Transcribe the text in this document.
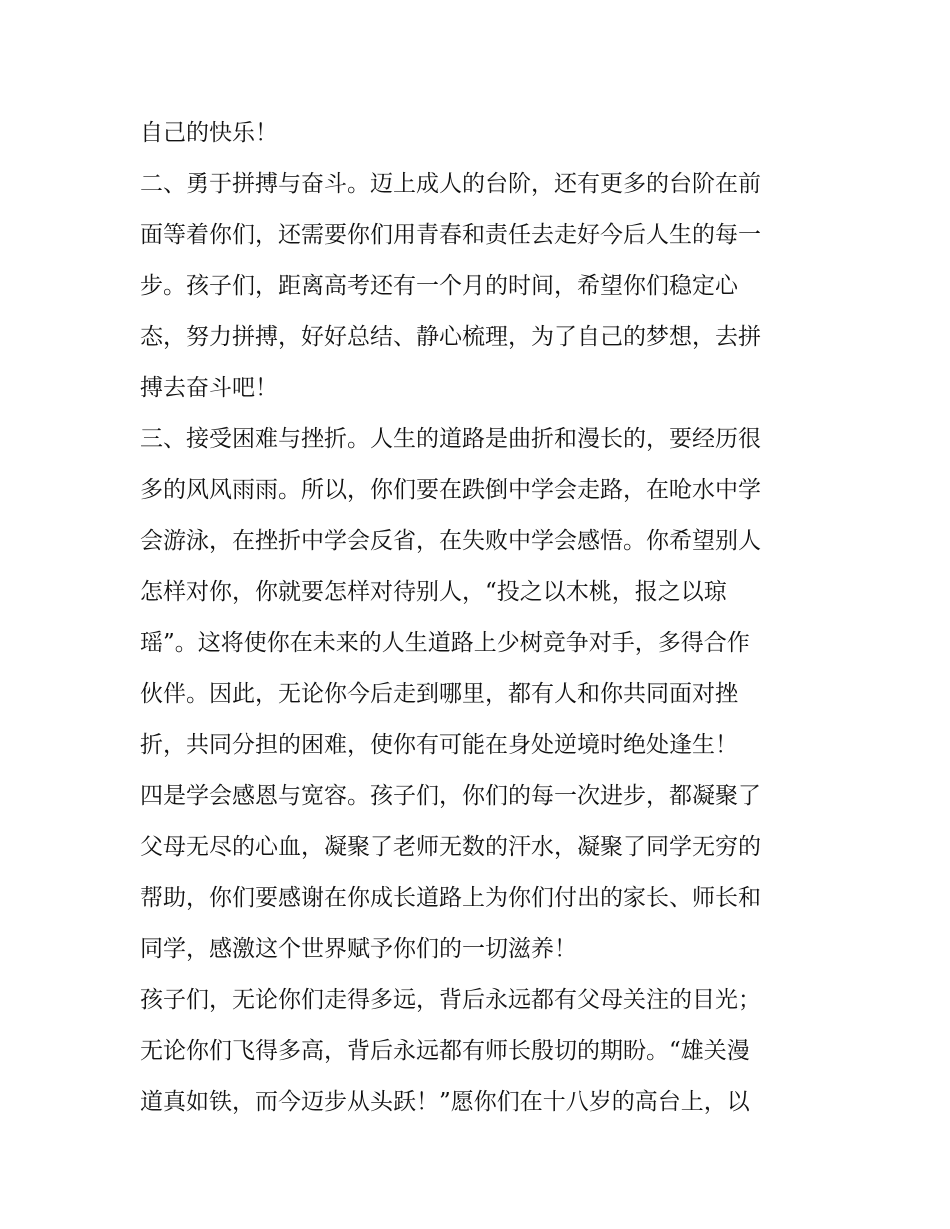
自己的快乐！
二、勇于拼搏与奋斗。迈上成人的台阶，还有更多的台阶在前
面等着你们，还需要你们用青春和责任去走好今后人生的每一
步。孩子们，距离高考还有一个月的时间，希望你们稳定心
态，努力拼搏，好好总结、静心梳理，为了自己的梦想，去拼
搏去奋斗吧！
三、接受困难与挫折。人生的道路是曲折和漫长的，要经历很
多的风风雨雨。所以，你们要在跌倒中学会走路，在呛水中学
会游泳，在挫折中学会反省，在失败中学会感悟。你希望别人
怎样对你，你就要怎样对待别人，“投之以木桃，报之以琼
瑶”。这将使你在未来的人生道路上少树竞争对手，多得合作
伙伴。因此，无论你今后走到哪里，都有人和你共同面对挫
折，共同分担的困难，使你有可能在身处逆境时绝处逢生！
四是学会感恩与宽容。孩子们，你们的每一次进步，都凝聚了
父母无尽的心血，凝聚了老师无数的汗水，凝聚了同学无穷的
帮助，你们要感谢在你成长道路上为你们付出的家长、师长和
同学，感激这个世界赋予你们的一切滋养！
孩子们，无论你们走得多远，背后永远都有父母关注的目光；
无论你们飞得多高，背后永远都有师长殷切的期盼。“雄关漫
道真如铁，而今迈步从头跃！”愿你们在十八岁的高台上，以
